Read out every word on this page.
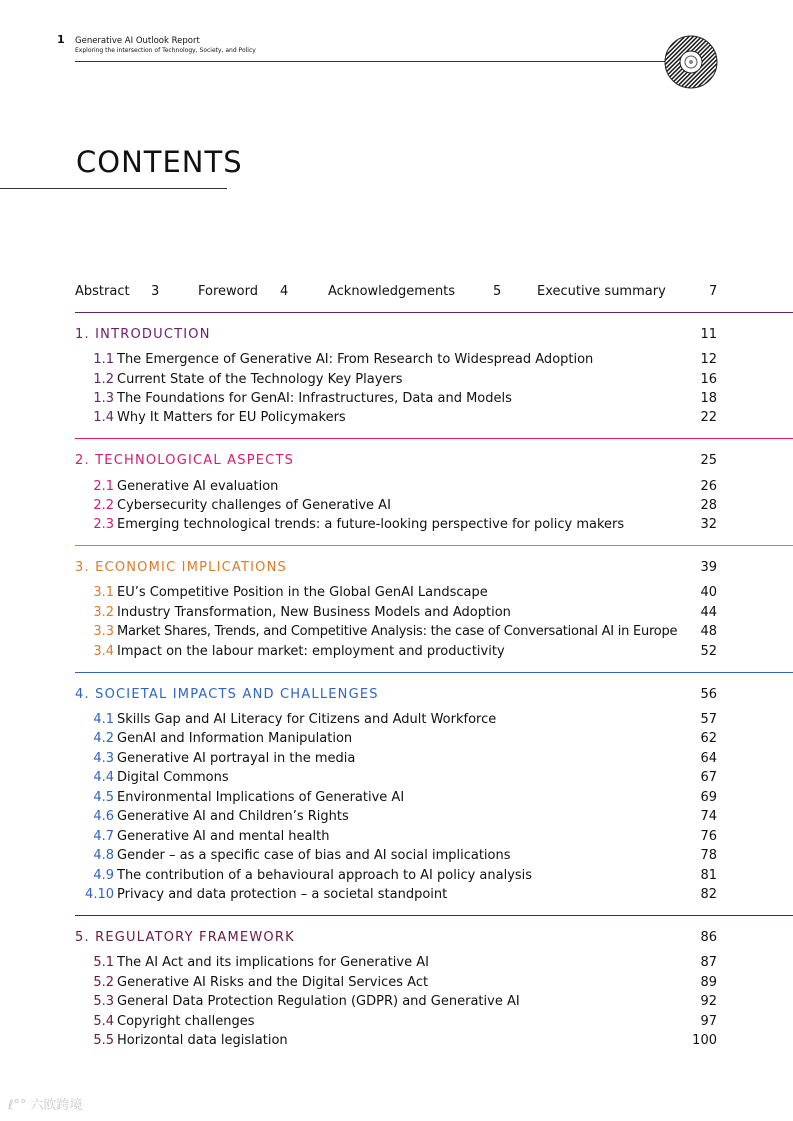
1 Generative AI Outlook Report
Exploring the intersection of Technology, Society, and Policy
CONTENTS
Abstract 3	Foreword 4	Acknowledgements	5	Executive summary	7
1. INTRODUCTION	11
1.1 The Emergence of Generative AI: From Research to Widespread Adoption	12
1.2 Current State of the Technology Key Players	16
1.3 The Foundations for GenAI: Infrastructures, Data and Models	18
1.4 Why It Matters for EU Policymakers	22
2. TECHNOLOGICAL ASPECTS	25
2.1 Generative AI evaluation	26
2.2 Cybersecurity challenges of Generative AI	28
2.3 Emerging technological trends: a future-looking perspective for policy makers	32
3. ECONOMIC IMPLICATIONS	39
3.1 EU’s Competitive Position in the Global GenAI Landscape	40
3.2 Industry Transformation, New Business Models and Adoption	44
3.3 Market Shares, Trends, and Competitive Analysis: the case of Conversational AI in Europe 48
3.4 Impact on the labour market: employment and productivity	52
4. SOCIETAL IMPACTS AND CHALLENGES	56
4.1 Skills Gap and AI Literacy for Citizens and Adult Workforce	57
4.2 GenAI and Information Manipulation	62
4.3 Generative AI portrayal in the media	64
4.4 Digital Commons	67
4.5 Environmental Implications of Generative AI	69
4.6 Generative AI and Children’s Rights	74
4.7 Generative AI and mental health	76
4.8 Gender – as a specific case of bias and AI social implications	78
4.9 The contribution of a behavioural approach to AI policy analysis	81
4.10 Privacy and data protection – a societal standpoint	82
5. REGULATORY FRAMEWORK	86
5.1 The AI Act and its implications for Generative AI	87
5.2 Generative AI Risks and the Digital Services Act	89
5.3 General Data Protection Regulation (GDPR) and Generative AI	92
5.4 Copyright challenges	97
5.5 Horizontal data legislation	100
ℓ°° 六欧跨境
